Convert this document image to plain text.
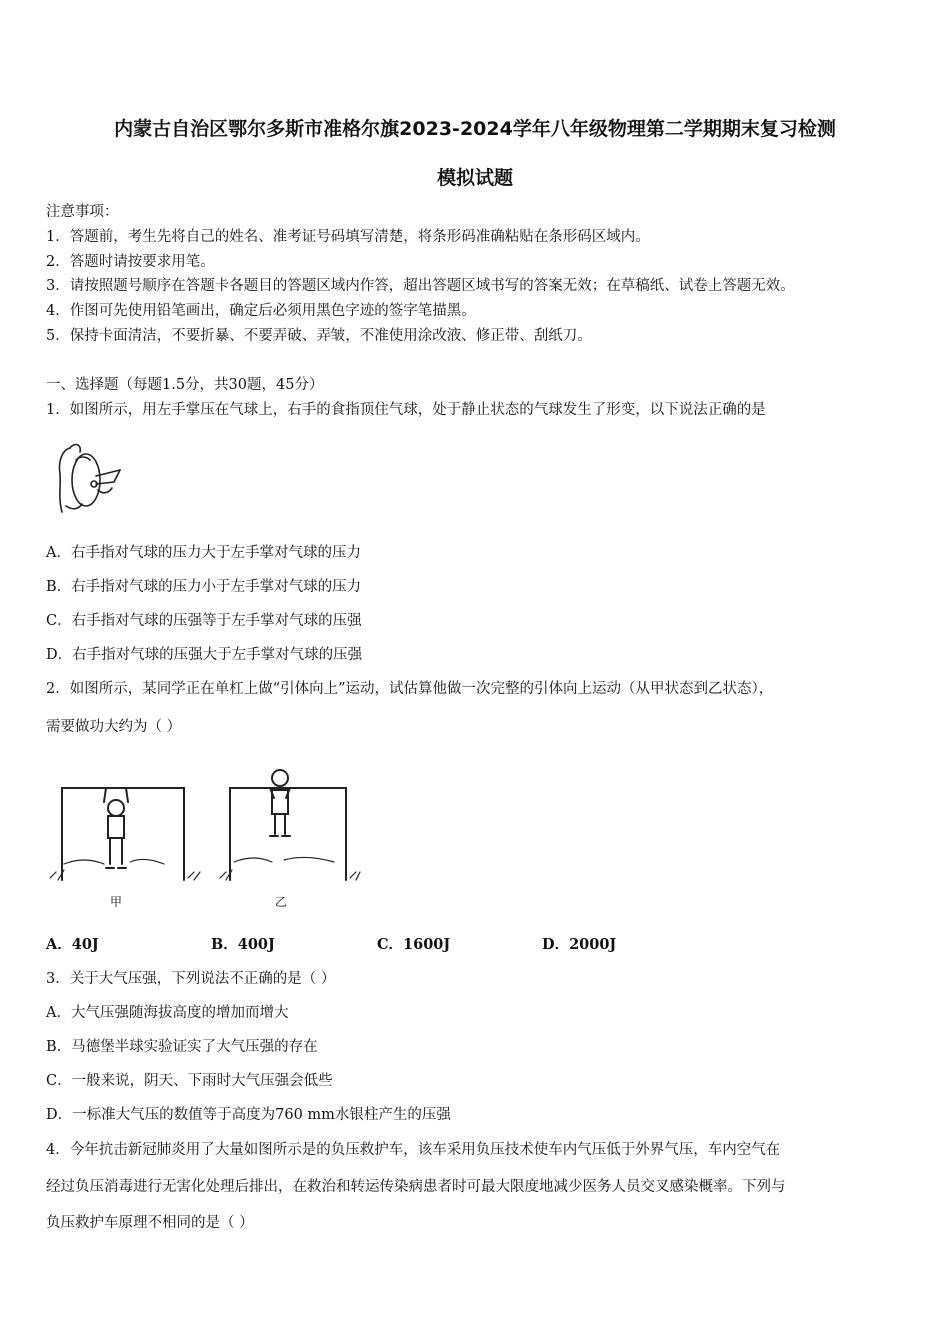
内蒙古自治区鄂尔多斯市准格尔旗2023-2024学年八年级物理第二学期期末复习检测
模拟试题
注意事项：
1．答题前，考生先将自己的姓名、准考证号码填写清楚，将条形码准确粘贴在条形码区域内。
2．答题时请按要求用笔。
3．请按照题号顺序在答题卡各题目的答题区域内作答，超出答题区域书写的答案无效；在草稿纸、试卷上答题无效。
4．作图可先使用铅笔画出，确定后必须用黑色字迹的签字笔描黑。
5．保持卡面清洁，不要折暴、不要弄破、弄皱，不准使用涂改液、修正带、刮纸刀。
一、选择题（每题1.5分，共30题，45分）
1．如图所示，用左手掌压在气球上，右手的食指顶住气球，处于静止状态的气球发生了形变，以下说法正确的是
A．右手指对气球的压力大于左手掌对气球的压力
B．右手指对气球的压力小于左手掌对气球的压力
C．右手指对气球的压强等于左手掌对气球的压强
D．右手指对气球的压强大于左手掌对气球的压强
2．如图所示，某同学正在单杠上做“引体向上”运动，试估算他做一次完整的引体向上运动（从甲状态到乙状态），
需要做功大约为（ ）
甲	乙
A．40J	B．400J	C．1600J	D．2000J
3．关于大气压强，下列说法不正确的是（ ）
A．大气压强随海拔高度的增加而增大
B．马德堡半球实验证实了大气压强的存在
C．一般来说，阴天、下雨时大气压强会低些
D．一标准大气压的数值等于高度为760 mm水银柱产生的压强
4．今年抗击新冠肺炎用了大量如图所示是的负压救护车，该车采用负压技术使车内气压低于外界气压，车内空气在
经过负压消毒进行无害化处理后排出，在救治和转运传染病患者时可最大限度地减少医务人员交叉感染概率。下列与
负压救护车原理不相同的是（ ）
